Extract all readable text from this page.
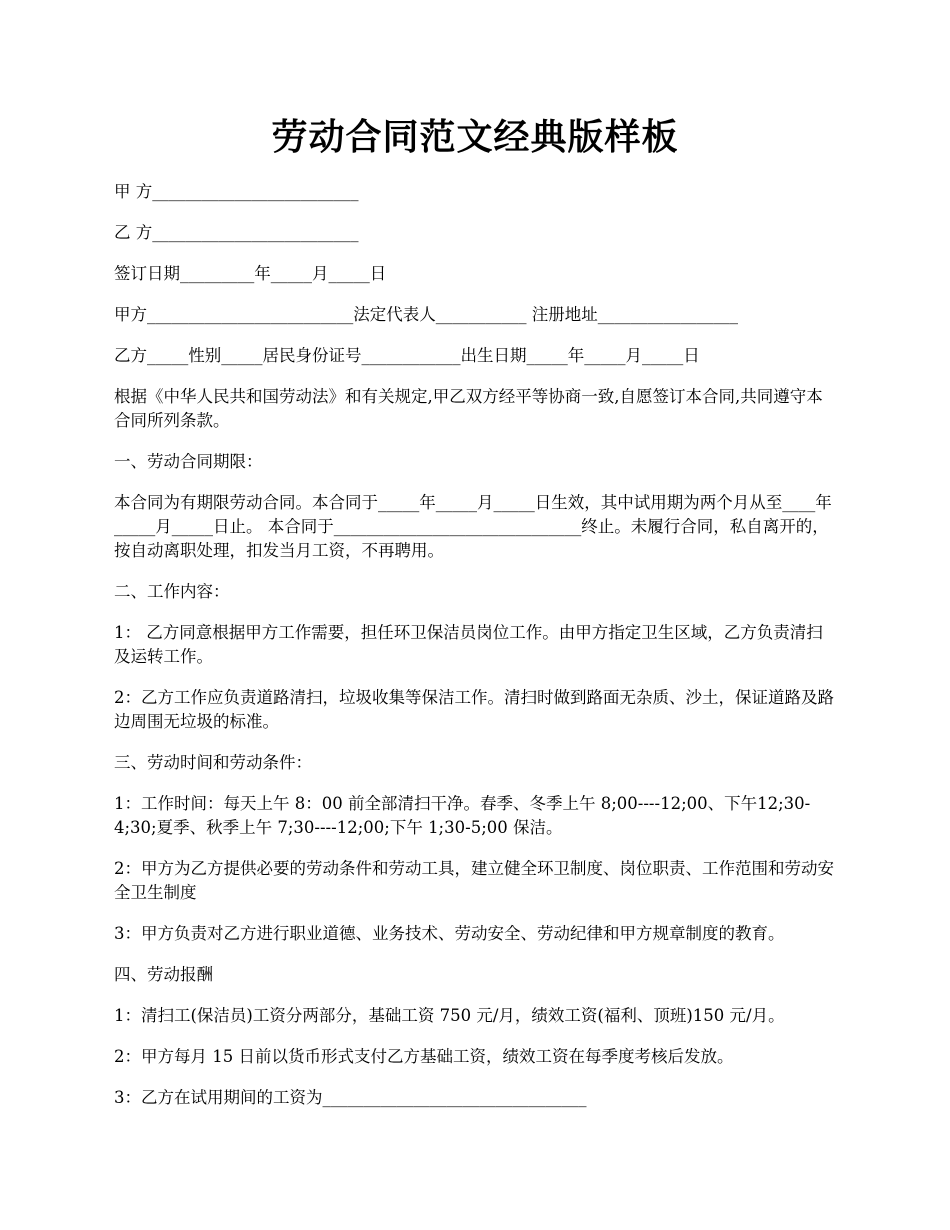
劳动合同范文经典版样板

甲 方_________________________

乙 方_________________________

签订日期_________年_____月_____日

甲方_________________________法定代表人___________ 注册地址_________________

乙方_____性别_____居民身份证号____________出生日期_____年_____月_____日

根据《中华人民共和国劳动法》和有关规定,甲乙双方经平等协商一致,自愿签订本合同,共同遵守本合同所列条款。

一、劳动合同期限：

本合同为有期限劳动合同。本合同于_____年_____月_____日生效，其中试用期为两个月从至____年_____月_____日止。 本合同于______________________________终止。未履行合同，私自离开的，按自动离职处理，扣发当月工资，不再聘用。

二、工作内容：

1： 乙方同意根据甲方工作需要，担任环卫保洁员岗位工作。由甲方指定卫生区域，乙方负责清扫及运转工作。

2：乙方工作应负责道路清扫，垃圾收集等保洁工作。清扫时做到路面无杂质、沙土，保证道路及路边周围无垃圾的标准。

三、劳动时间和劳动条件：

1：工作时间：每天上午 8：00 前全部清扫干净。春季、冬季上午 8;00----12;00、下午12;30-4;30;夏季、秋季上午 7;30----12;00;下午 1;30-5;00 保洁。

2：甲方为乙方提供必要的劳动条件和劳动工具，建立健全环卫制度、岗位职责、工作范围和劳动安全卫生制度

3：甲方负责对乙方进行职业道德、业务技术、劳动安全、劳动纪律和甲方规章制度的教育。

四、劳动报酬

1：清扫工(保洁员)工资分两部分，基础工资 750 元/月，绩效工资(福利、顶班)150 元/月。

2：甲方每月 15 日前以货币形式支付乙方基础工资，绩效工资在每季度考核后发放。

3：乙方在试用期间的工资为________________________________
